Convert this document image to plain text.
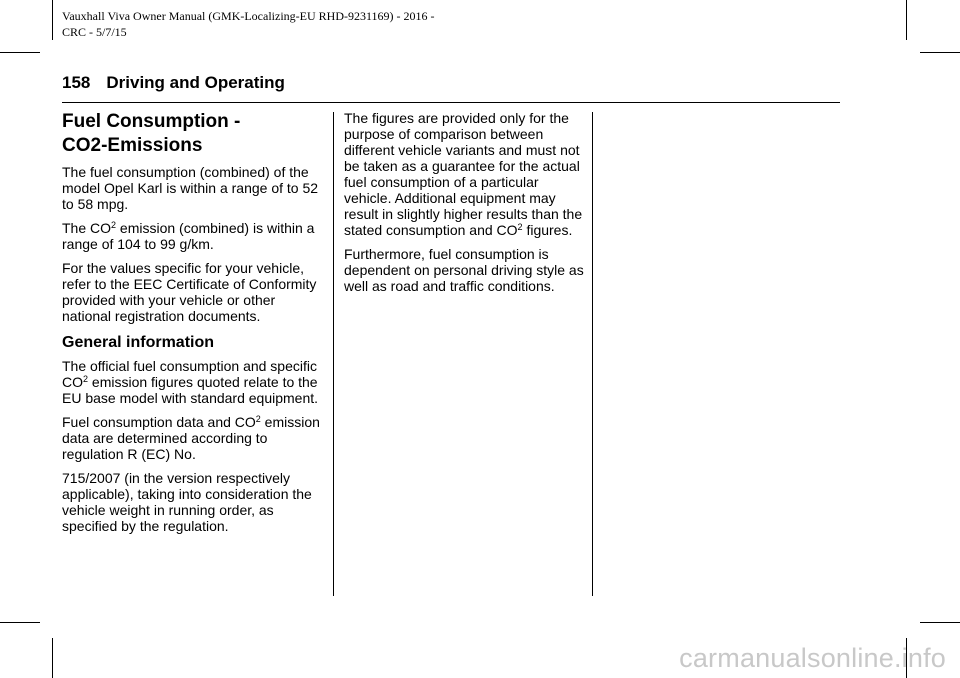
Vauxhall Viva Owner Manual (GMK-Localizing-EU RHD-9231169) - 2016 -
CRC - 5/7/15
158 Driving and Operating
Fuel Consumption -
CO2-Emissions

The fuel consumption (combined) of the model Opel Karl is within a range of to 52 to 58 mpg.

The $CO^2$ emission (combined) is within a range of 104 to 99 g/km.

For the values specific for your vehicle, refer to the EEC Certificate of Conformity provided with your vehicle or other national registration documents.

General information

The official fuel consumption and specific $CO^2$ emission figures quoted relate to the EU base model with standard equipment.

Fuel consumption data and $CO^2$ emission data are determined according to regulation R (EC) No.

715/2007 (in the version respectively applicable), taking into consideration the vehicle weight in running order, as specified by the regulation.

The figures are provided only for the purpose of comparison between different vehicle variants and must not be taken as a guarantee for the actual fuel consumption of a particular vehicle. Additional equipment may result in slightly higher results than the stated consumption and $CO^2$ figures.

Furthermore, fuel consumption is dependent on personal driving style as well as road and traffic conditions.

carmanualsonline.info
